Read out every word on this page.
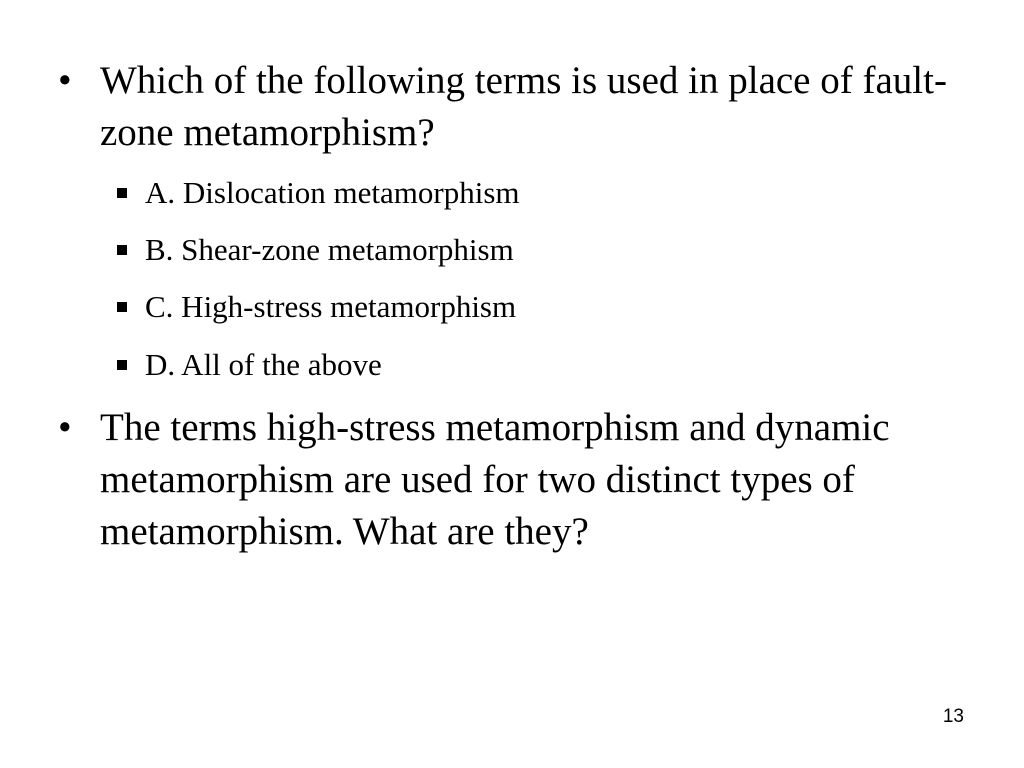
• Which of the following terms is used in place of fault-zone metamorphism?
A. Dislocation metamorphism
B. Shear-zone metamorphism
C. High-stress metamorphism
D. All of the above
• The terms high-stress metamorphism and dynamic metamorphism are used for two distinct types of metamorphism. What are they?
13
